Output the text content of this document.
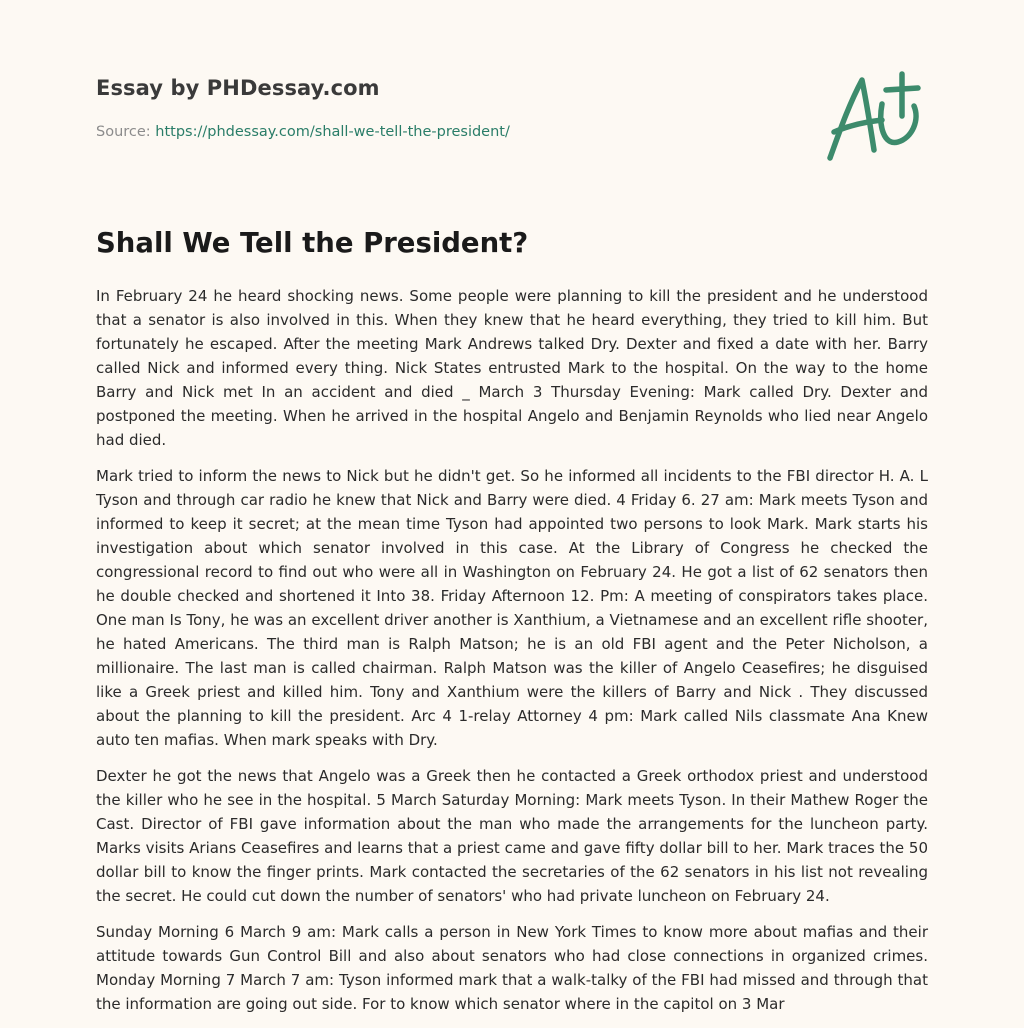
Essay by PHDessay.com
Source: https://phdessay.com/shall-we-tell-the-president/
Shall We Tell the President?

In February 24 he heard shocking news. Some people were planning to kill the president and he understood that a senator is also involved in this. When they knew that he heard everything, they tried to kill him. But fortunately he escaped. After the meeting Mark Andrews talked Dry. Dexter and fixed a date with her. Barry called Nick and informed every thing. Nick States entrusted Mark to the hospital. On the way to the home Barry and Nick met In an accident and died _ March 3 Thursday Evening: Mark called Dry. Dexter and postponed the meeting. When he arrived in the hospital Angelo and Benjamin Reynolds who lied near Angelo had died.

Mark tried to inform the news to Nick but he didn't get. So he informed all incidents to the FBI director H. A. L Tyson and through car radio he knew that Nick and Barry were died. 4 Friday 6. 27 am: Mark meets Tyson and informed to keep it secret; at the mean time Tyson had appointed two persons to look Mark. Mark starts his investigation about which senator involved in this case. At the Library of Congress he checked the congressional record to find out who were all in Washington on February 24. He got a list of 62 senators then he double checked and shortened it Into 38. Friday Afternoon 12. Pm: A meeting of conspirators takes place. One man Is Tony, he was an excellent driver another is Xanthium, a Vietnamese and an excellent rifle shooter, he hated Americans. The third man is Ralph Matson; he is an old FBI agent and the Peter Nicholson, a millionaire. The last man is called chairman. Ralph Matson was the killer of Angelo Ceasefires; he disguised like a Greek priest and killed him. Tony and Xanthium were the killers of Barry and Nick . They discussed about the planning to kill the president. Arc 4 1-relay Attorney 4 pm: Mark called Nils classmate Ana Knew auto ten mafias. When mark speaks with Dry.

Dexter he got the news that Angelo was a Greek then he contacted a Greek orthodox priest and understood the killer who he see in the hospital. 5 March Saturday Morning: Mark meets Tyson. In their Mathew Roger the Cast. Director of FBI gave information about the man who made the arrangements for the luncheon party. Marks visits Arians Ceasefires and learns that a priest came and gave fifty dollar bill to her. Mark traces the 50 dollar bill to know the finger prints. Mark contacted the secretaries of the 62 senators in his list not revealing the secret. He could cut down the number of senators' who had private luncheon on February 24.

Sunday Morning 6 March 9 am: Mark calls a person in New York Times to know more about mafias and their attitude towards Gun Control Bill and also about senators who had close connections in organized crimes. Monday Morning 7 March 7 am: Tyson informed mark that a walk-talky of the FBI had missed and through that the information are going out side. For to know which senator where in the capitol on 3 Mar
